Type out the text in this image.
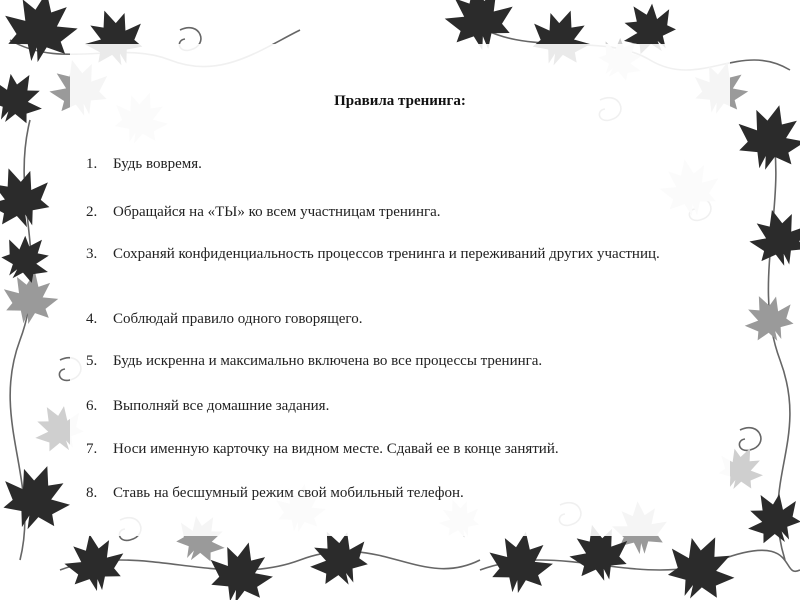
Правила тренинга:
1.	Будь вовремя.
2.	Обращайся на «ТЫ» ко всем участницам тренинга.
3.	Сохраняй конфиденциальность процессов тренинга и переживаний других участниц.
4.	Соблюдай правило одного говорящего.
5.	Будь искренна и максимально включена во все процессы тренинга.
6.	Выполняй все домашние задания.
7.	Носи именную карточку на видном месте. Сдавай ее в конце занятий.
8.	Ставь на бесшумный режим свой мобильный телефон.
